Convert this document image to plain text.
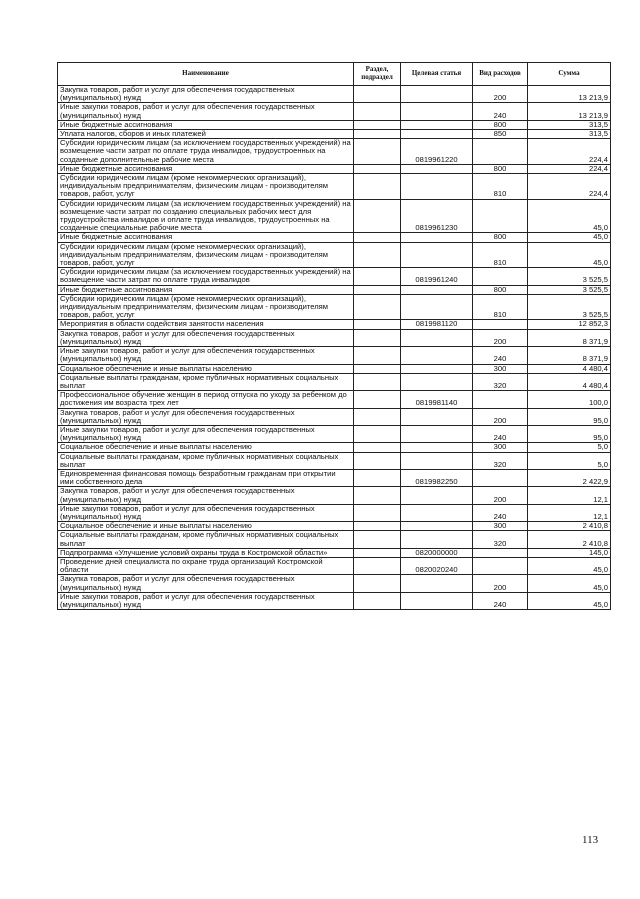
Наименование	Раздел, подраздел	Целевая статья	Вид расходов	Сумма
Закупка товаров, работ и услуг для обеспечения государственных (муниципальных) нужд			200	13 213,9
Иные закупки товаров, работ и услуг для обеспечения государственных (муниципальных) нужд			240	13 213,9
Иные бюджетные ассигнования			800	313,5
Уплата налогов, сборов и иных платежей			850	313,5
Субсидии юридическим лицам (за исключением государственных учреждений) на возмещение части затрат по оплате труда инвалидов, трудоустроенных на созданные дополнительные рабочие места		0819961220		224,4
Иные бюджетные ассигнования			800	224,4
Субсидии юридическим лицам (кроме некоммерческих организаций), индивидуальным предпринимателям, физическим лицам - производителям товаров, работ, услуг			810	224,4
Субсидии юридическим лицам (за исключением государственных учреждений) на возмещение части затрат по созданию специальных рабочих мест для трудоустройства инвалидов и оплате труда инвалидов, трудоустроенных на созданные специальные рабочие места		0819961230		45,0
Иные бюджетные ассигнования			800	45,0
Субсидии юридическим лицам (кроме некоммерческих организаций), индивидуальным предпринимателям, физическим лицам - производителям товаров, работ, услуг			810	45,0
Субсидии юридическим лицам (за исключением государственных учреждений) на возмещение части затрат по оплате труда инвалидов		0819961240		3 525,5
Иные бюджетные ассигнования			800	3 525,5
Субсидии юридическим лицам (кроме некоммерческих организаций), индивидуальным предпринимателям, физическим лицам - производителям товаров, работ, услуг			810	3 525,5
Мероприятия в области содействия занятости населения		0819981120		12 852,3
Закупка товаров, работ и услуг для обеспечения государственных (муниципальных) нужд			200	8 371,9
Иные закупки товаров, работ и услуг для обеспечения государственных (муниципальных) нужд			240	8 371,9
Социальное обеспечение и иные выплаты населению			300	4 480,4
Социальные выплаты гражданам, кроме публичных нормативных социальных выплат			320	4 480,4
Профессиональное обучение женщин в период отпуска по уходу за ребенком до достижения им возраста трех лет		0819981140		100,0
Закупка товаров, работ и услуг для обеспечения государственных (муниципальных) нужд			200	95,0
Иные закупки товаров, работ и услуг для обеспечения государственных (муниципальных) нужд			240	95,0
Социальное обеспечение и иные выплаты населению			300	5,0
Социальные выплаты гражданам, кроме публичных нормативных социальных выплат			320	5,0
Единовременная финансовая помощь безработным гражданам при открытии ими собственного дела		0819982250		2 422,9
Закупка товаров, работ и услуг для обеспечения государственных (муниципальных) нужд			200	12,1
Иные закупки товаров, работ и услуг для обеспечения государственных (муниципальных) нужд			240	12,1
Социальное обеспечение и иные выплаты населению			300	2 410,8
Социальные выплаты гражданам, кроме публичных нормативных социальных выплат			320	2 410,8
Подпрограмма «Улучшение условий охраны труда в Костромской области»		0820000000		145,0
Проведение дней специалиста по охране труда организаций Костромской области		0820020240		45,0
Закупка товаров, работ и услуг для обеспечения государственных (муниципальных) нужд			200	45,0
Иные закупки товаров, работ и услуг для обеспечения государственных (муниципальных) нужд			240	45,0
113
